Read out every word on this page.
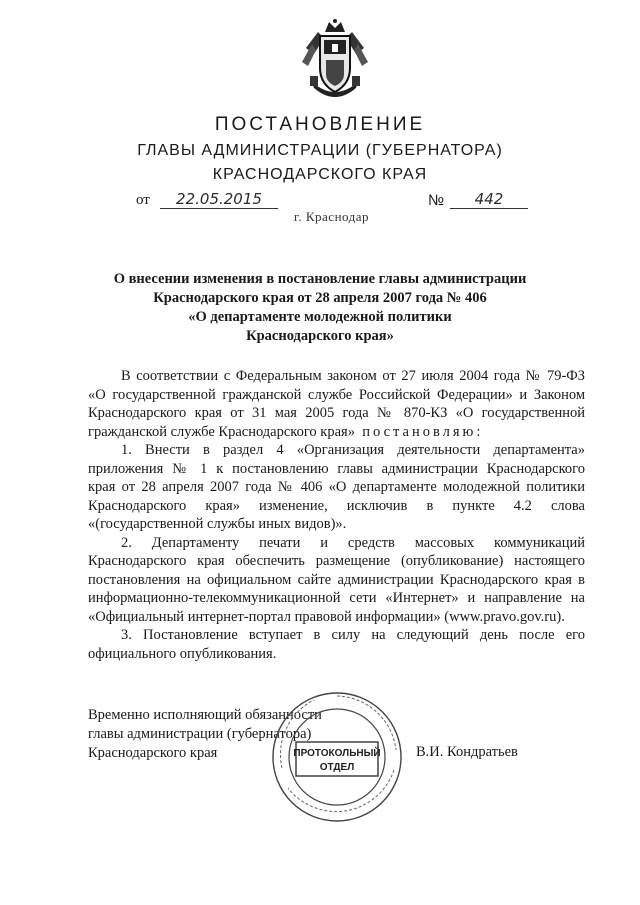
ПОСТАНОВЛЕНИЕ
ГЛАВЫ АДМИНИСТРАЦИИ (ГУБЕРНАТОРА)
КРАСНОДАРСКОГО КРАЯ
от	22.05.2015	№	442
г. Краснодар
О внесении изменения в постановление главы администрации
Краснодарского края от 28 апреля 2007 года № 406
«О департаменте молодежной политики
Краснодарского края»
В соответствии с Федеральным законом от 27 июля 2004 года № 79-ФЗ
«О государственной гражданской службе Российской Федерации» и Законом
Краснодарского края от 31 мая 2005 года № 870-КЗ «О государственной
гражданской службе Краснодарского края» постановляю:
1. Внести в раздел 4 «Организация деятельности департамента»
приложения № 1 к постановлению главы администрации Краснодарского
края от 28 апреля 2007 года № 406 «О департаменте молодежной политики
Краснодарского края» изменение, исключив в пункте 4.2 слова
«(государственной службы иных видов)».
2. Департаменту печати и средств массовых коммуникаций
Краснодарского края обеспечить размещение (опубликование) настоящего
постановления на официальном сайте администрации Краснодарского края в
информационно-телекоммуникационной сети «Интернет» и направление на
«Официальный интернет-портал правовой информации» (www.pravo.gov.ru).
3. Постановление вступает в силу на следующий день после его
официального опубликования.
Временно исполняющий обязанности
главы администрации (губернатора)
Краснодарского края	В.И. Кондратьев
ПРОТОКОЛЬНЫЙ
ОТДЕЛ
